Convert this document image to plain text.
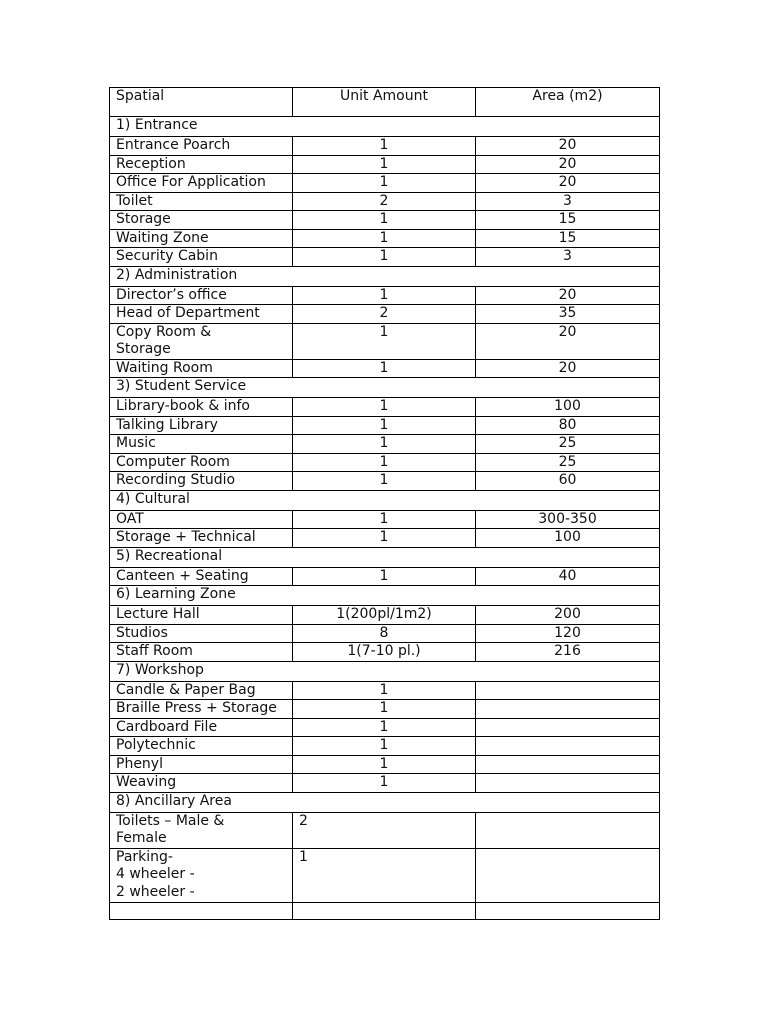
Spatial	Unit Amount	Area (m2)
1) Entrance		
Entrance Poarch	1	20
Reception	1	20
Office For Application	1	20
Toilet	2	3
Storage	1	15
Waiting Zone	1	15
Security Cabin	1	3
2) Administration		
Director’s office	1	20
Head of Department	2	35
Copy Room &
Storage	1	20
Waiting Room	1	20
3) Student Service		
Library-book & info	1	100
Talking Library	1	80
Music	1	25
Computer Room	1	25
Recording Studio	1	60
4) Cultural		
OAT	1	300-350
Storage + Technical	1	100
5) Recreational		
Canteen + Seating	1	40
6) Learning Zone		
Lecture Hall	1(200pl/1m2)	200
Studios	8	120
Staff Room	1(7-10 pl.)	216
7) Workshop		
Candle & Paper Bag	1	
Braille Press + Storage	1	
Cardboard File	1	
Polytechnic	1	
Phenyl	1	
Weaving	1	
8) Ancillary Area		
Toilets – Male &
Female	2	
Parking-
4 wheeler -
2 wheeler -	1	
